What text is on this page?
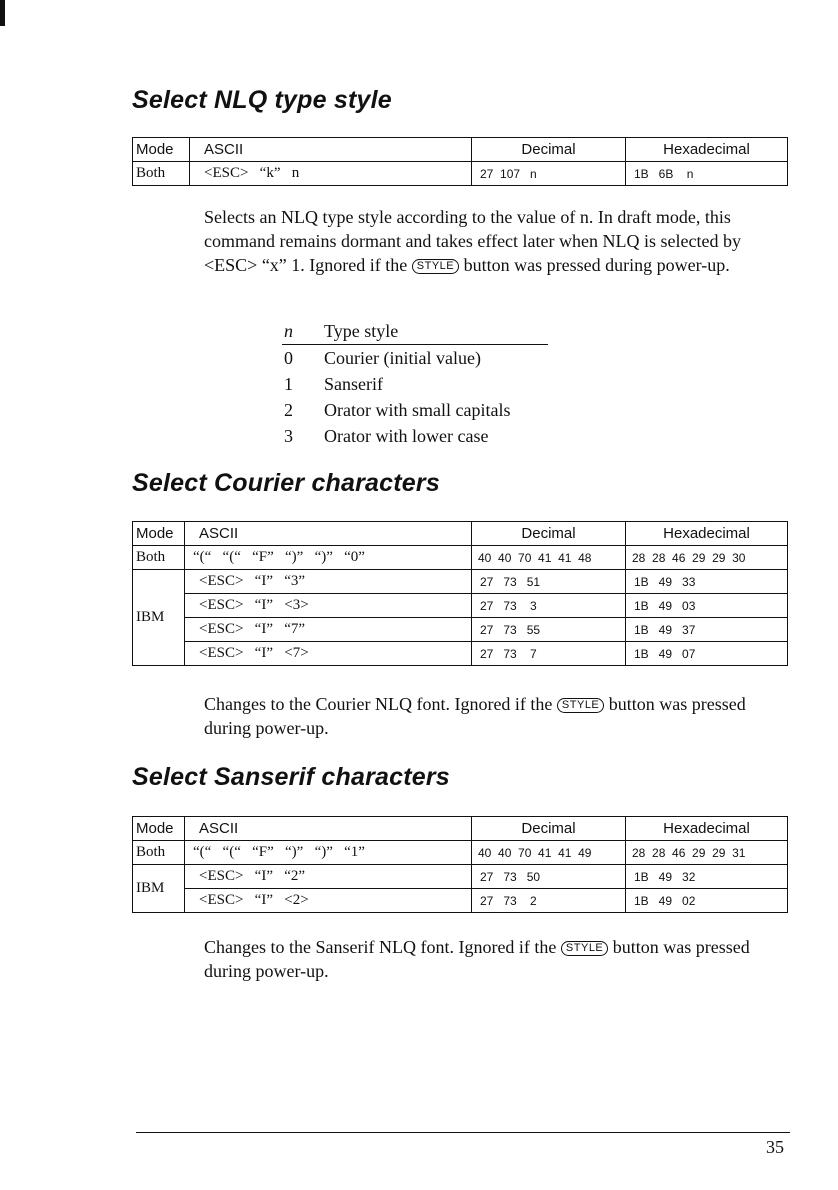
Select NLQ type style
Mode	ASCII	Decimal	Hexadecimal
Both	<ESC>   “k”   n	27  107   n	1B   6B    n

Selects an NLQ type style according to the value of n. In draft mode, this command remains dormant and takes effect later when NLQ is selected by <ESC> “x” 1. Ignored if the STYLE button was pressed during power-up.

n	Type style
0	Courier (initial value)
1	Sanserif
2	Orator with small capitals
3	Orator with lower case
Select Courier characters
Mode	ASCII	Decimal	Hexadecimal
Both	“(“   “(“   “F”   “)”   “)”   “0”	40  40  70  41  41  48	28  28  46  29  29  30
IBM	<ESC>   “I”   “3”	27   73   51	1B   49   33
	<ESC>   “I”   <3>	27   73    3	1B   49   03
	<ESC>   “I”   “7”	27   73   55	1B   49   37
	<ESC>   “I”   <7>	27   73    7	1B   49   07

Changes to the Courier NLQ font. Ignored if the STYLE button was pressed during power-up.

Select Sanserif characters
Mode	ASCII	Decimal	Hexadecimal
Both	“(“   “(“   “F”   “)”   “)”   “1”	40  40  70  41  41  49	28  28  46  29  29  31
IBM	<ESC>   “I”   “2”	27   73   50	1B   49   32
	<ESC>   “I”   <2>	27   73    2	1B   49   02

Changes to the Sanserif NLQ font. Ignored if the STYLE button was pressed during power-up.

35
